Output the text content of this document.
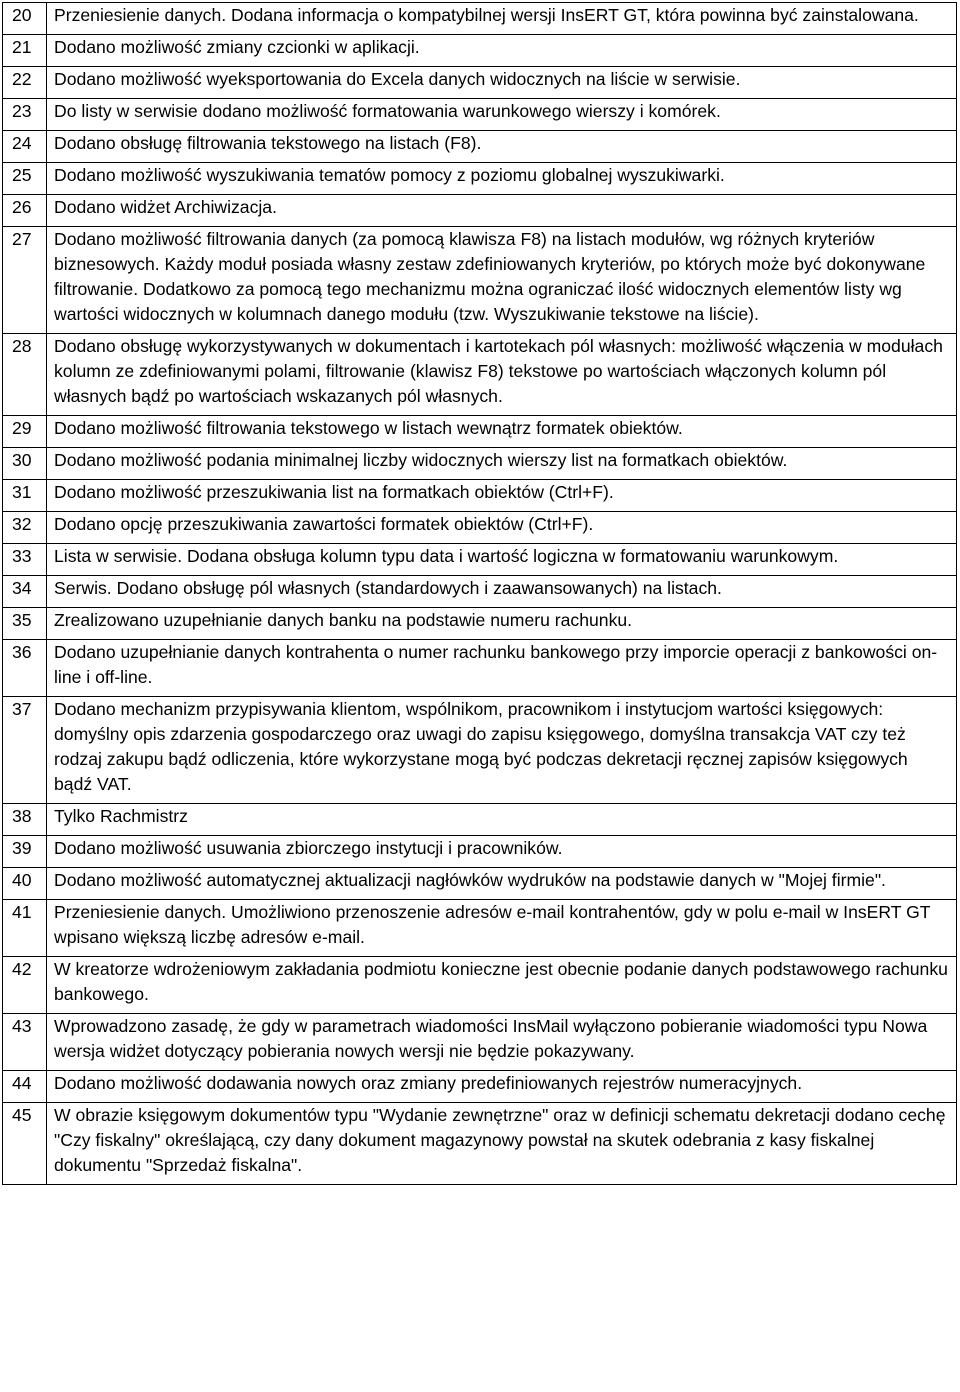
20	Przeniesienie danych. Dodana informacja o kompatybilnej wersji InsERT GT, która powinna być zainstalowana.
21	Dodano możliwość zmiany czcionki w aplikacji.
22	Dodano możliwość wyeksportowania do Excela danych widocznych na liście w serwisie.
23	Do listy w serwisie dodano możliwość formatowania warunkowego wierszy i komórek.
24	Dodano obsługę filtrowania tekstowego na listach (F8).
25	Dodano możliwość wyszukiwania tematów pomocy z poziomu globalnej wyszukiwarki.
26	Dodano widżet Archiwizacja.
27	Dodano możliwość filtrowania danych (za pomocą klawisza F8) na listach modułów, wg różnych kryteriów biznesowych. Każdy moduł posiada własny zestaw zdefiniowanych kryteriów, po których może być dokonywane filtrowanie. Dodatkowo za pomocą tego mechanizmu można ograniczać ilość widocznych elementów listy wg wartości widocznych w kolumnach danego modułu (tzw. Wyszukiwanie tekstowe na liście).
28	Dodano obsługę wykorzystywanych w dokumentach i kartotekach pól własnych: możliwość włączenia w modułach kolumn ze zdefiniowanymi polami, filtrowanie (klawisz F8) tekstowe po wartościach włączonych kolumn pól własnych bądź po wartościach wskazanych pól własnych.
29	Dodano możliwość filtrowania tekstowego w listach wewnątrz formatek obiektów.
30	Dodano możliwość podania minimalnej liczby widocznych wierszy list na formatkach obiektów.
31	Dodano możliwość przeszukiwania list na formatkach obiektów (Ctrl+F).
32	Dodano opcję przeszukiwania zawartości formatek obiektów (Ctrl+F).
33	Lista w serwisie. Dodana obsługa kolumn typu data i wartość logiczna w formatowaniu warunkowym.
34	Serwis. Dodano obsługę pól własnych (standardowych i zaawansowanych) na listach.
35	Zrealizowano uzupełnianie danych banku na podstawie numeru rachunku.
36	Dodano uzupełnianie danych kontrahenta o numer rachunku bankowego przy imporcie operacji z bankowości on-line i off-line.
37	Dodano mechanizm przypisywania klientom, wspólnikom, pracownikom i instytucjom wartości księgowych: domyślny opis zdarzenia gospodarczego oraz uwagi do zapisu księgowego, domyślna transakcja VAT czy też rodzaj zakupu bądź odliczenia, które wykorzystane mogą być podczas dekretacji ręcznej zapisów księgowych bądź VAT.
38	Tylko Rachmistrz
39	Dodano możliwość usuwania zbiorczego instytucji i pracowników.
40	Dodano możliwość automatycznej aktualizacji nagłówków wydruków na podstawie danych w "Mojej firmie".
41	Przeniesienie danych. Umożliwiono przenoszenie adresów e-mail kontrahentów, gdy w polu e-mail w InsERT GT wpisano większą liczbę adresów e-mail.
42	W kreatorze wdrożeniowym zakładania podmiotu konieczne jest obecnie podanie danych podstawowego rachunku bankowego.
43	Wprowadzono zasadę, że gdy w parametrach wiadomości InsMail wyłączono pobieranie wiadomości typu Nowa wersja widżet dotyczący pobierania nowych wersji nie będzie pokazywany.
44	Dodano możliwość dodawania nowych oraz zmiany predefiniowanych rejestrów numeracyjnych.
45	W obrazie księgowym dokumentów typu "Wydanie zewnętrzne" oraz w definicji schematu dekretacji dodano cechę "Czy fiskalny" określającą, czy dany dokument magazynowy powstał na skutek odebrania z kasy fiskalnej dokumentu "Sprzedaż fiskalna".
